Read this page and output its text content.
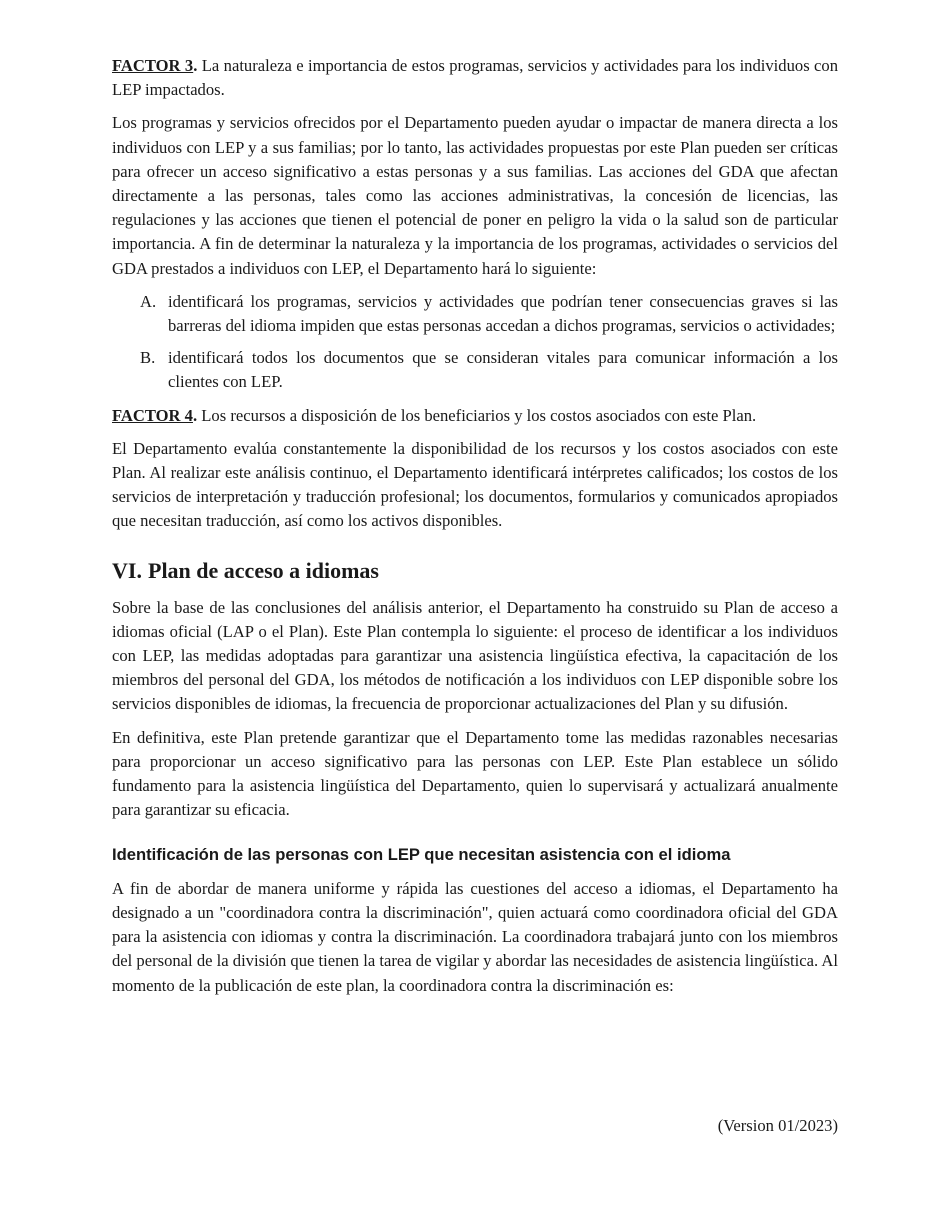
FACTOR 3. La naturaleza e importancia de estos programas, servicios y actividades para los individuos con LEP impactados.

Los programas y servicios ofrecidos por el Departamento pueden ayudar o impactar de manera directa a los individuos con LEP y a sus familias; por lo tanto, las actividades propuestas por este Plan pueden ser críticas para ofrecer un acceso significativo a estas personas y a sus familias. Las acciones del GDA que afectan directamente a las personas, tales como las acciones administrativas, la concesión de licencias, las regulaciones y las acciones que tienen el potencial de poner en peligro la vida o la salud son de particular importancia. A fin de determinar la naturaleza y la importancia de los programas, actividades o servicios del GDA prestados a individuos con LEP, el Departamento hará lo siguiente:

A. identificará los programas, servicios y actividades que podrían tener consecuencias graves si las barreras del idioma impiden que estas personas accedan a dichos programas, servicios o actividades;
B. identificará todos los documentos que se consideran vitales para comunicar información a los clientes con LEP.

FACTOR 4. Los recursos a disposición de los beneficiarios y los costos asociados con este Plan.

El Departamento evalúa constantemente la disponibilidad de los recursos y los costos asociados con este Plan. Al realizar este análisis continuo, el Departamento identificará intérpretes calificados; los costos de los servicios de interpretación y traducción profesional; los documentos, formularios y comunicados apropiados que necesitan traducción, así como los activos disponibles.

VI. Plan de acceso a idiomas

Sobre la base de las conclusiones del análisis anterior, el Departamento ha construido su Plan de acceso a idiomas oficial (LAP o el Plan). Este Plan contempla lo siguiente: el proceso de identificar a los individuos con LEP, las medidas adoptadas para garantizar una asistencia lingüística efectiva, la capacitación de los miembros del personal del GDA, los métodos de notificación a los individuos con LEP disponible sobre los servicios disponibles de idiomas, la frecuencia de proporcionar actualizaciones del Plan y su difusión.

En definitiva, este Plan pretende garantizar que el Departamento tome las medidas razonables necesarias para proporcionar un acceso significativo para las personas con LEP. Este Plan establece un sólido fundamento para la asistencia lingüística del Departamento, quien lo supervisará y actualizará anualmente para garantizar su eficacia.

Identificación de las personas con LEP que necesitan asistencia con el idioma

A fin de abordar de manera uniforme y rápida las cuestiones del acceso a idiomas, el Departamento ha designado a un "coordinadora contra la discriminación", quien actuará como coordinadora oficial del GDA para la asistencia con idiomas y contra la discriminación. La coordinadora trabajará junto con los miembros del personal de la división que tienen la tarea de vigilar y abordar las necesidades de asistencia lingüística. Al momento de la publicación de este plan, la coordinadora contra la discriminación es:

(Version 01/2023)
